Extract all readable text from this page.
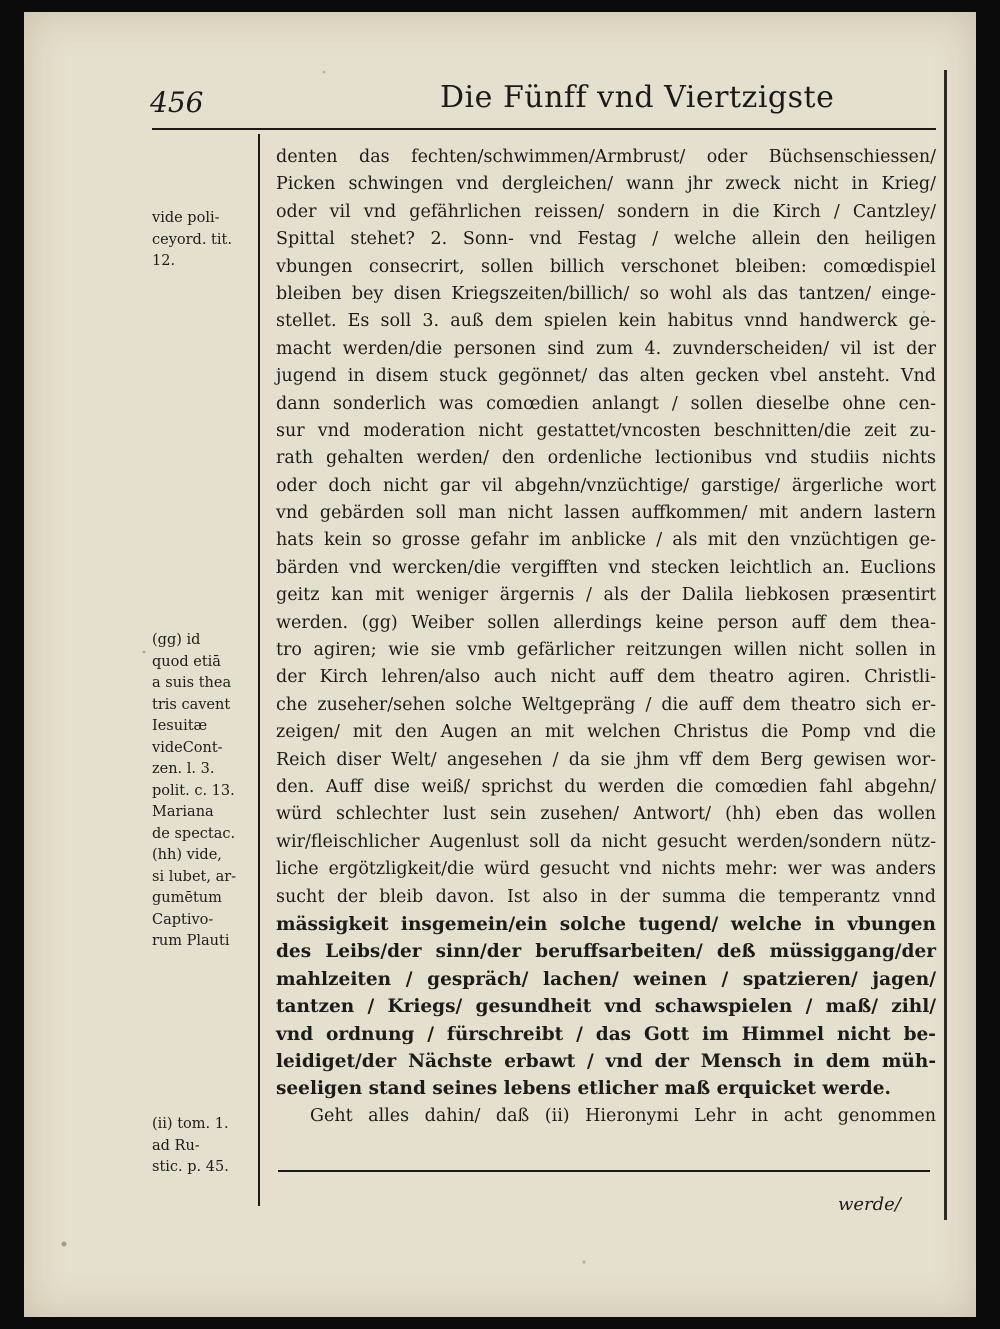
456	Die Fünff vnd Viertzigste
vide poli-
ceyord. tit.
12.
(gg) id
quod etiā
a suis thea
tris cavent
Iesuitæ
videCont-
zen. l. 3.
polit. c. 13.
Mariana
de spectac.
(hh) vide,
si lubet, ar-
gumētum
Captivo-
rum Plauti
(ii) tom. 1.
ad Ru-
stic. p. 45.
denten das fechten/schwimmen/Armbrust/ oder Büchsenschiessen/
Picken schwingen vnd dergleichen/ wann jhr zweck nicht in Krieg/
oder vil vnd gefährlichen reissen/ sondern in die Kirch / Cantzley/
Spittal stehet? 2. Sonn- vnd Festag / welche allein den heiligen
vbungen consecrirt, sollen billich verschonet bleiben: comœdispiel
bleiben bey disen Kriegszeiten/billich/ so wohl als das tantzen/ einge-
stellet. Es soll 3. auß dem spielen kein habitus vnnd handwerck ge-
macht werden/die personen sind zum 4. zuvnderscheiden/ vil ist der
jugend in disem stuck gegönnet/ das alten gecken vbel ansteht. Vnd
dann sonderlich was comœdien anlangt / sollen dieselbe ohne cen-
sur vnd moderation nicht gestattet/vncosten beschnitten/die zeit zu-
rath gehalten werden/ den ordenliche lectionibus vnd studiis nichts
oder doch nicht gar vil abgehn/vnzüchtige/ garstige/ ärgerliche wort
vnd gebärden soll man nicht lassen auffkommen/ mit andern lastern
hats kein so grosse gefahr im anblicke / als mit den vnzüchtigen ge-
bärden vnd wercken/die vergifften vnd stecken leichtlich an. Euclions
geitz kan mit weniger ärgernis / als der Dalila liebkosen præsentirt
werden. (gg) Weiber sollen allerdings keine person auff dem thea-
tro agiren; wie sie vmb gefärlicher reitzungen willen nicht sollen in
der Kirch lehren/also auch nicht auff dem theatro agiren. Christli-
che zuseher/sehen solche Weltgepräng / die auff dem theatro sich er-
zeigen/ mit den Augen an mit welchen Christus die Pomp vnd die
Reich diser Welt/ angesehen / da sie jhm vff dem Berg gewisen wor-
den. Auff dise weiß/ sprichst du werden die comœdien fahl abgehn/
würd schlechter lust sein zusehen/ Antwort/ (hh) eben das wollen
wir/fleischlicher Augenlust soll da nicht gesucht werden/sondern nütz-
liche ergötzligkeit/die würd gesucht vnd nichts mehr: wer was anders
sucht der bleib davon. Ist also in der summa die temperantz vnnd
mässigkeit insgemein/ein solche tugend/ welche in vbungen
des Leibs/der sinn/der beruffsarbeiten/ deß müssiggang/der
mahlzeiten / gespräch/ lachen/ weinen / spatzieren/ jagen/
tantzen / Kriegs/ gesundheit vnd schawspielen / maß/ zihl/
vnd ordnung / fürschreibt / das Gott im Himmel nicht be-
leidiget/der Nächste erbawt / vnd der Mensch in dem müh-
seeligen stand seines lebens etlicher maß erquicket werde.
Geht alles dahin/ daß (ii) Hieronymi Lehr in acht genommen
werde/
